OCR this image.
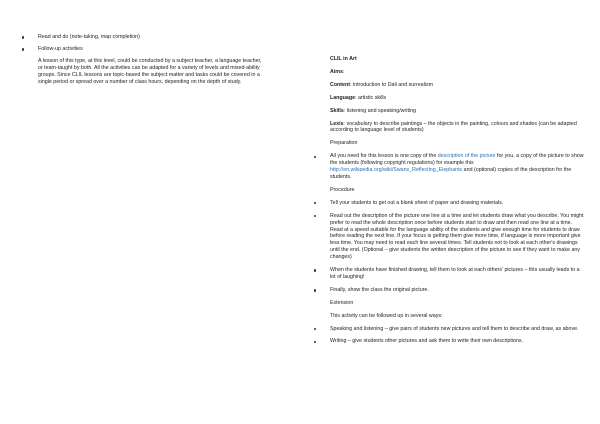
Read and do (note-taking, map completion)
Follow-up activities

A lesson of this type, at this level, could be conducted by a subject teacher, a language teacher, or team-taught by both. All the activities can be adapted for a variety of levels and mixed-ability groups. Since CLIL lessons are topic-based the subject matter and tasks could be covered in a single period or spread over a number of class hours, depending on the depth of study.

CLIL in Art

Aims:

Content: introduction to Dali and surrealism

Language: artistic skills

Skills: listening and speaking/writing

Lexis: vocabulary to describe paintings – the objects in the painting, colours and shades (can be adapted according to language level of students)

Preparation

All you need for this lesson is one copy of the description of the picture for you, a copy of the picture to show the students (following copyright regulations) for example this http://en.wikipedia.org/wiki/Swans_Reflecting_Elephants and (optional) copies of the description for the students.

Procedure

Tell your students to get out a blank sheet of paper and drawing materials.
Read out the description of the picture one line at a time and let students draw what you describe. You might prefer to read the whole description once before students start to draw and then read one line at a time. Read at a speed suitable for the language ability of the students and give enough time for students to draw before reading the next line. If your focus is getting them give more time, if language is more important give less time. You may need to read each line several times. Tell students not to look at each other's drawings until the end. (Optional – give students the written description of the picture to see if they want to make any changes)
When the students have finished drawing, tell them to look at each others' pictures – this usually leads to a lot of laughing!
Finally, show the class the original picture.

Extension

This activity can be followed up in several ways:

Speaking and listening – give pairs of students new pictures and tell them to describe and draw, as above.
Writing – give students other pictures and ask them to write their own descriptions.
